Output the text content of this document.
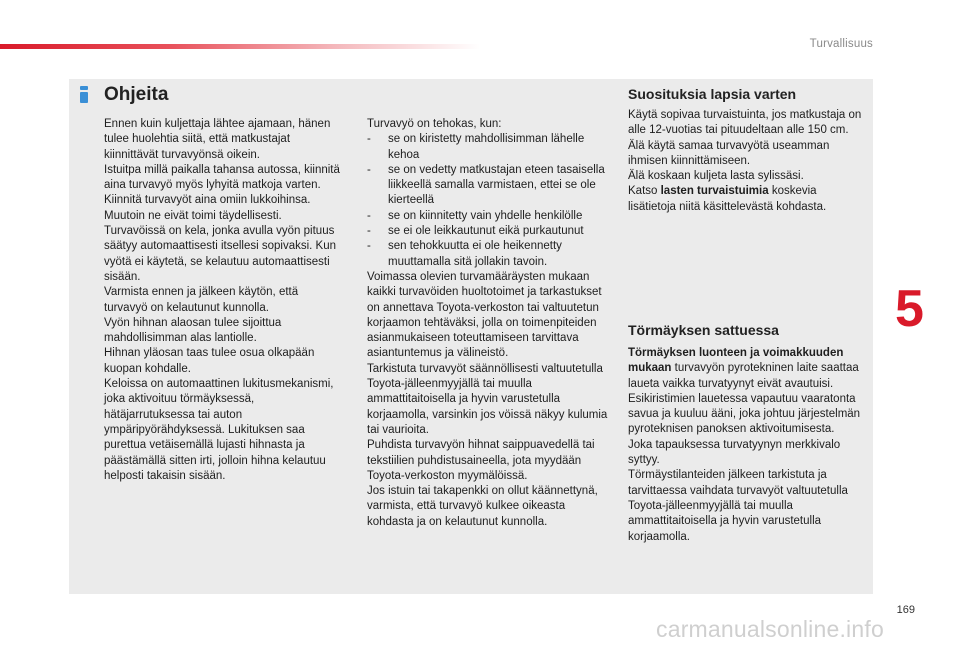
Turvallisuus
Ohjeita

Ennen kuin kuljettaja lähtee ajamaan, hänen tulee huolehtia siitä, että matkustajat kiinnittävät turvavyönsä oikein.

Istuitpa millä paikalla tahansa autossa, kiinnitä aina turvavyö myös lyhyitä matkoja varten.

Kiinnitä turvavyöt aina omiin lukkoihinsa. Muutoin ne eivät toimi täydellisesti.

Turvavöissä on kela, jonka avulla vyön pituus säätyy automaattisesti itsellesi sopivaksi. Kun vyötä ei käytetä, se kelautuu automaattisesti sisään.

Varmista ennen ja jälkeen käytön, että turvavyö on kelautunut kunnolla.

Vyön hihnan alaosan tulee sijoittua mahdollisimman alas lantiolle.

Hihnan yläosan taas tulee osua olkapään kuopan kohdalle.

Keloissa on automaattinen lukitusmekanismi, joka aktivoituu törmäyksessä, hätäjarrutuksessa tai auton ympäripyörähdyksessä. Lukituksen saa purettua vetäisemällä lujasti hihnasta ja päästämällä sitten irti, jolloin hihna kelautuu helposti takaisin sisään.

Turvavyö on tehokas, kun:

-	se on kiristetty mahdollisimman lähelle kehoa
-	se on vedetty matkustajan eteen tasaisella liikkeellä samalla varmistaen, ettei se ole kierteellä
-	se on kiinnitetty vain yhdelle henkilölle
-	se ei ole leikkautunut eikä purkautunut
-	sen tehokkuutta ei ole heikennetty muuttamalla sitä jollakin tavoin.

Voimassa olevien turvamääräysten mukaan kaikki turvavöiden huoltotoimet ja tarkastukset on annettava Toyota-verkoston tai valtuutetun korjaamon tehtäväksi, jolla on toimenpiteiden asianmukaiseen toteuttamiseen tarvittava asiantuntemus ja välineistö.

Tarkistuta turvavyöt säännöllisesti valtuutetulla Toyota-jälleenmyyjällä tai muulla ammattitaitoisella ja hyvin varustetulla korjaamolla, varsinkin jos vöissä näkyy kulumia tai vaurioita.

Puhdista turvavyön hihnat saippuavedellä tai tekstiilien puhdistusaineella, jota myydään Toyota-verkoston myymälöissä.

Jos istuin tai takapenkki on ollut käännettynä, varmista, että turvavyö kulkee oikeasta kohdasta ja on kelautunut kunnolla.

Suosituksia lapsia varten

Käytä sopivaa turvaistuinta, jos matkustaja on alle 12-vuotias tai pituudeltaan alle 150 cm.

Älä käytä samaa turvavyötä useamman ihmisen kiinnittämiseen.

Älä koskaan kuljeta lasta sylissäsi.

Katso lasten turvaistuimia koskevia lisätietoja niitä käsittelevästä kohdasta.

Törmäyksen sattuessa

Törmäyksen luonteen ja voimakkuuden mukaan turvavyön pyrotekninen laite saattaa laueta vaikka turvatyynyt eivät avautuisi. Esikiristimien lauetessa vapautuu vaaratonta savua ja kuuluu ääni, joka johtuu järjestelmän pyroteknisen panoksen aktivoitumisesta.

Joka tapauksessa turvatyynyn merkkivalo syttyy.

Törmäystilanteiden jälkeen tarkistuta ja tarvittaessa vaihdata turvavyöt valtuutetulla Toyota-jälleenmyyjällä tai muulla ammattitaitoisella ja hyvin varustetulla korjaamolla.

5
169
carmanualsonline.info
